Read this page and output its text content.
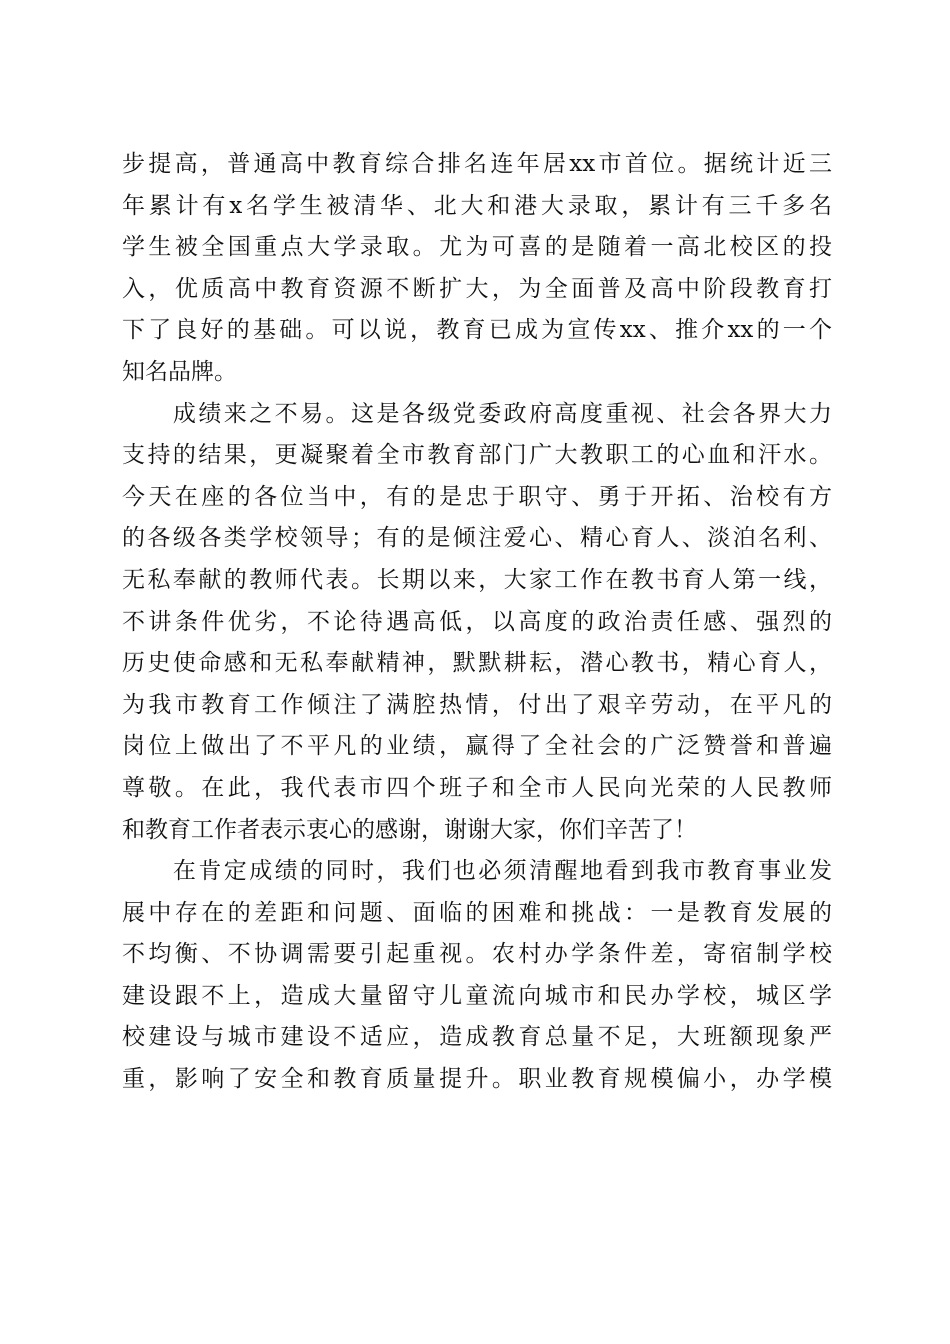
步提高，普通高中教育综合排名连年居xx市首位。据统计近三
年累计有x名学生被清华、北大和港大录取，累计有三千多名
学生被全国重点大学录取。尤为可喜的是随着一高北校区的投
入，优质高中教育资源不断扩大，为全面普及高中阶段教育打
下了良好的基础。可以说，教育已成为宣传xx、推介xx的一个
知名品牌。
　　成绩来之不易。这是各级党委政府高度重视、社会各界大力
支持的结果，更凝聚着全市教育部门广大教职工的心血和汗水。
今天在座的各位当中，有的是忠于职守、勇于开拓、治校有方
的各级各类学校领导；有的是倾注爱心、精心育人、淡泊名利、
无私奉献的教师代表。长期以来，大家工作在教书育人第一线，
不讲条件优劣，不论待遇高低，以高度的政治责任感、强烈的
历史使命感和无私奉献精神，默默耕耘，潜心教书，精心育人，
为我市教育工作倾注了满腔热情，付出了艰辛劳动，在平凡的
岗位上做出了不平凡的业绩，赢得了全社会的广泛赞誉和普遍
尊敬。在此，我代表市四个班子和全市人民向光荣的人民教师
和教育工作者表示衷心的感谢，谢谢大家，你们辛苦了！
　　在肯定成绩的同时，我们也必须清醒地看到我市教育事业发
展中存在的差距和问题、面临的困难和挑战：一是教育发展的
不均衡、不协调需要引起重视。农村办学条件差，寄宿制学校
建设跟不上，造成大量留守儿童流向城市和民办学校，城区学
校建设与城市建设不适应，造成教育总量不足，大班额现象严
重，影响了安全和教育质量提升。职业教育规模偏小，办学模
